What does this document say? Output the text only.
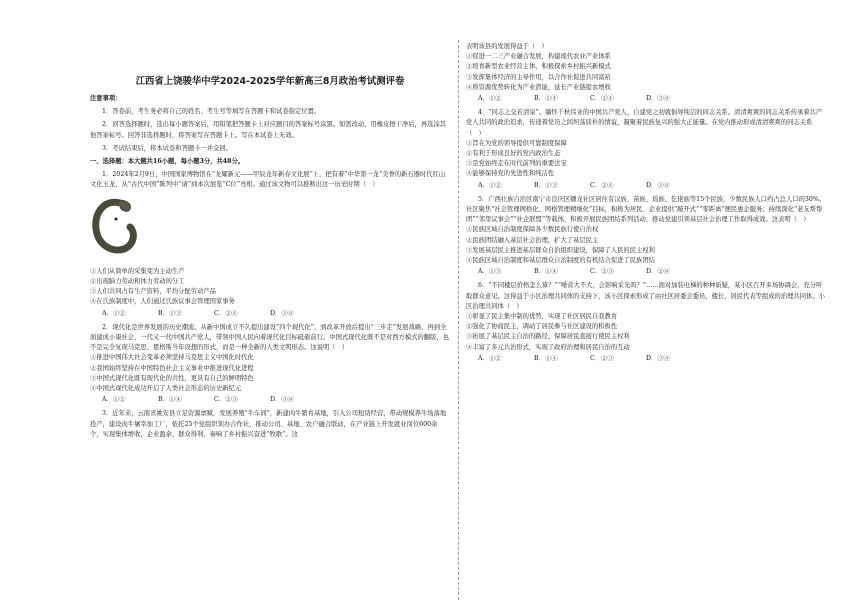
江西省上饶骏华中学2024-2025学年新高三8月政治考试测评卷

注意事项：

1．答卷前，考生务必将自己的姓名、考生号等填写在答题卡和试卷指定位置。

2．回答选择题时，选出每小题答案后，用铅笔把答题卡上对应题目的答案标号涂黑。如需改动，用橡皮擦干净后，再选涂其他答案标号。回答非选择题时，将答案写在答题卡上。写在本试卷上无效。

3．考试结束后，将本试卷和答题卡一并交回。

一、选择题：本大题共16小题，每小题3分，共48分。

1．2024年2月9日，中国国家博物馆在“龙耀新元——甲辰龙年新春文化展”上，把有着“中华第一龙”美誉的新石器时代红山文化玉龙，从“古代中国”陈列中“请”到本次展览“C位”亮相。通过该文物可以推断出这一历史时期（　）

①人们从简单的采集变为主动生产

②出现脑力劳动和体力劳动的分工

③人们共同占有生产资料，平均分配劳动产品

④在氏族制度中，人们通过氏族议事会管理国家事务

A．①②	B．①③	C．②④	D．③④

2．现代化是世界发展的历史潮流。从新中国成立不久提出建设“四个现代化”，到改革开放后提出“三步走”发展战略，再到全面建成小康社会，一代又一代中国共产党人，带领中国人民向着现代化目标砥砺前行。中国式现代化既不是对西方模式的翻版，也不是完全复现马克思、恩格斯当年设想的形式，而是一种全新的人类文明形态。这说明（　）

①推进中国伟大社会变革必须坚持马克思主义中国化时代化

②我国始终坚持在中国特色社会主义事业中推进现代化进程

③中国式现代化既有现代化的共性，更具有自己的鲜明特色

④中国式现代化成功开启了人类社会形态的历史新纪元

A．①②	B．①④	C．②③	D．③④

3．近年来，云南省姚安县立足资源禀赋，发展养殖“牛车间”，新建肉牛繁育基地，引入公司租赁经营，带动规模养牛场落地投产，建设肉牛屠宰加工厂，依托25个党组织领办合作社，推动公司、基地、农户融合联动，在产业链上开发就业岗位600余个，实现集体增收、企业盈余、群众得利，奏响了乡村振兴奋进“牧歌”。这

表明该县的发展得益于（　）

①促进一二三产业融合发展，构建现代农业产业体系

②培育新型农业经营主体，积极探索乡村振兴新模式

③发挥集体经济的主导作用，以合作社促进共同富裕

④将资源优势转化为产业潜能，延长产业链提农增收

A．①②	B．①④	C．②④	D．③④

4．“同志之交若清泉”。躺怀千秋伟业的中国共产党人，自建党之初就倡导纯洁的同志关系。清清爽爽的同志关系传承着共产党人共同的政治追求，传递着党员之间坦荡质朴的情谊，凝聚着民族复兴的强大正能量。在党内推动形成清清爽爽的同志关系（　）

①旨在为党的领导提供可靠制度保障

②有利于形成良好的党内政治生态

③是党始终走在时代前列的重要法宝

④能够保持党的先进性和纯洁性

A．①②	B．①③	C．②④	D．③④

5．广西壮族自治区南宁市良庆区蟠龙社区居住有汉族、苗族、瑶族、仡佬族等15个民族，少数民族人口约占总人口的30%。社区聚焦“社会管理网格化、网格管理精细化”目标，积极为居民、企业提供“敲开式”“零距离”便民惠企服务；持续深化“老友帮帮团”“邻里议事会”“社企联盟”等载体，积极开展民族团结系列活动，推动党建引领基层社会治理工作取得成效。这表明（　）

①民族区域自治制度保障各少数民族行使自治权

②民族团结融入基层社会治理，扩大了基层民主

③发展基层民主推进基层群众自治组织建设，保障了人民的民主权利

④民族区域自治制度和基层群众自治制度的有机结合促进了民族团结

A．①③	B．①④	C．②③	D．②④

6．“不同楼层价格怎么算？”“噪音大不大，会影响采光吗？”……面对加装电梯的种种质疑，某小区召开多场协调会，充分听取群众意见。这得益于小区治理共同体的支持下，该小区探索形成了由社区居委会委员、楼长、居民代表等组成的治理共同体。小区治理共同体（　）

①彰显了民主集中制的优势，实现了社区居民自我教育

②强化了协商民主，调动了居民参与社区建设的积极性

③拓展了基层民主自治的路径，保障居民直接行使民主权利

④丰富了多元共治形式，实现了政府治理和居民自治的互动

A．①②	B．①④	C．②③	D．③④
